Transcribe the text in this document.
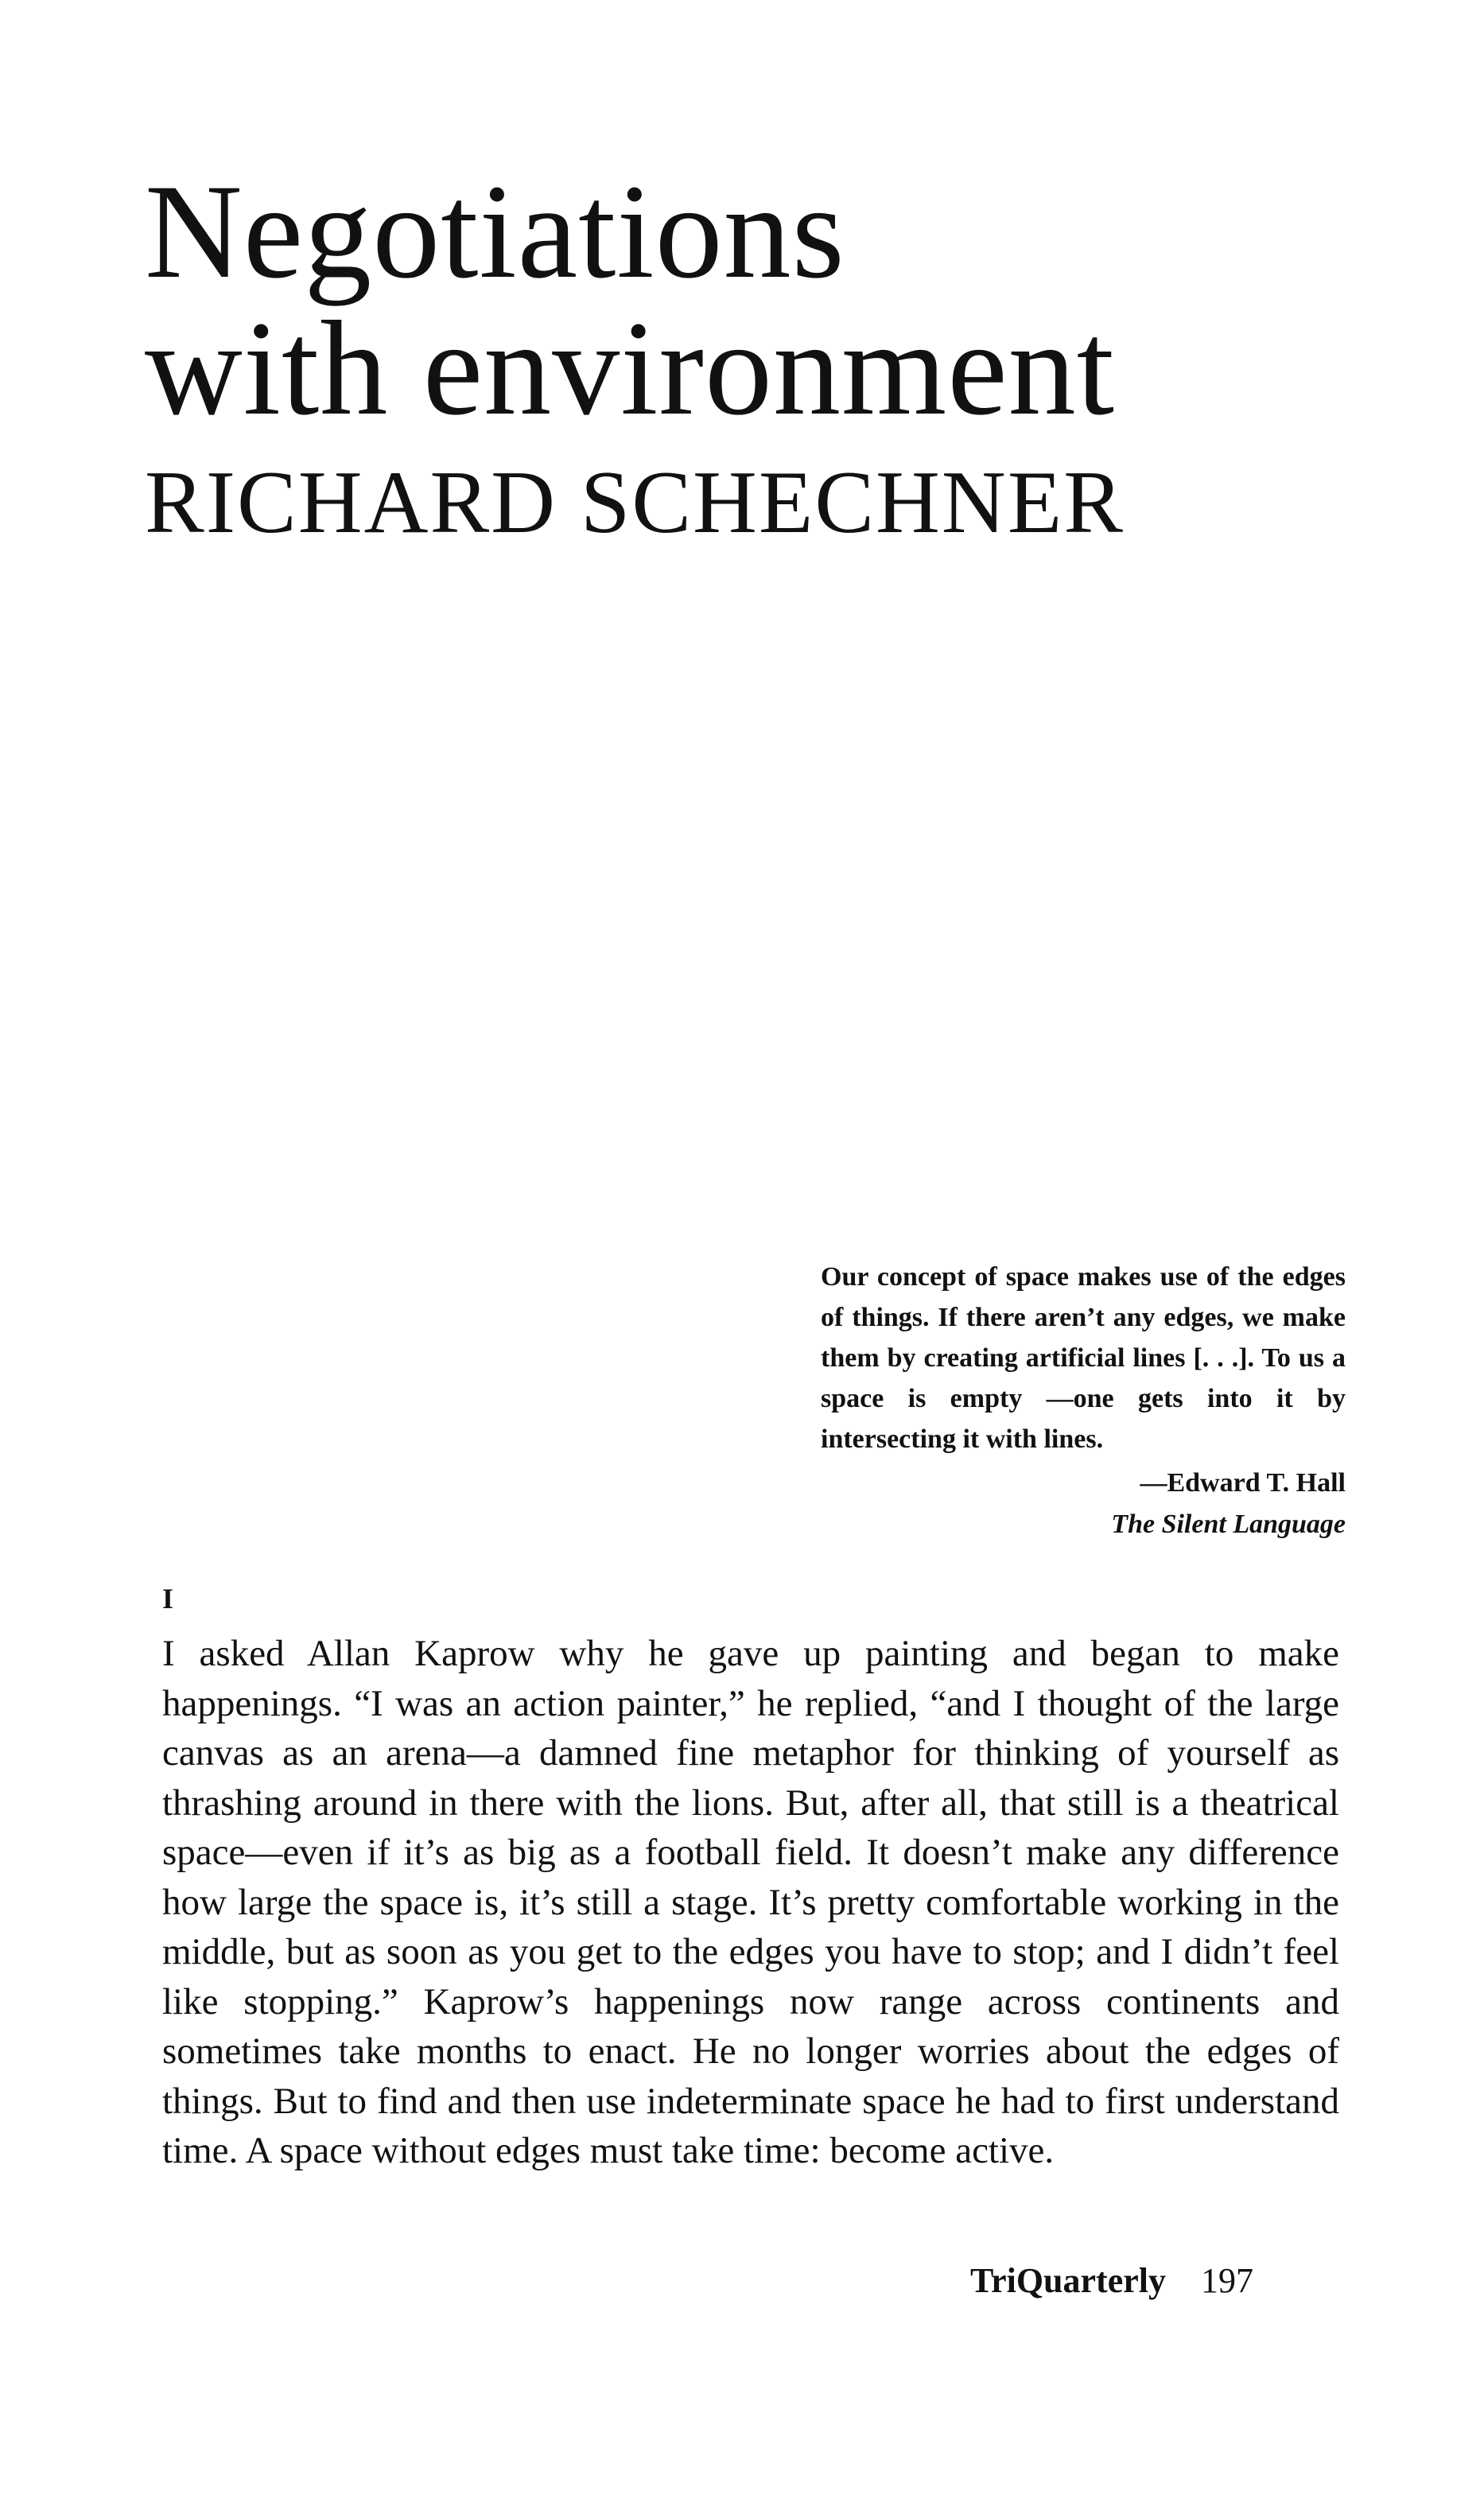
Negotiations
with environment
RICHARD SCHECHNER

Our concept of space makes use of the edges of things. If there aren’t any edges, we make them by creating artificial lines [. . .]. To us a space is empty —one gets into it by intersecting it with lines.

—Edward T. Hall

The Silent Language

I

I asked Allan Kaprow why he gave up painting and began to make happenings. “I was an action painter,” he replied, “and I thought of the large canvas as an arena—a damned fine metaphor for thinking of yourself as thrashing around in there with the lions. But, after all, that still is a theatrical space—even if it’s as big as a football field. It doesn’t make any difference how large the space is, it’s still a stage. It’s pretty comfortable working in the middle, but as soon as you get to the edges you have to stop; and I didn’t feel like stopping.” Kaprow’s happenings now range across continents and sometimes take months to enact. He no longer worries about the edges of things. But to find and then use indeterminate space he had to first understand time. A space without edges must take time: become active.

TriQuarterly 197
